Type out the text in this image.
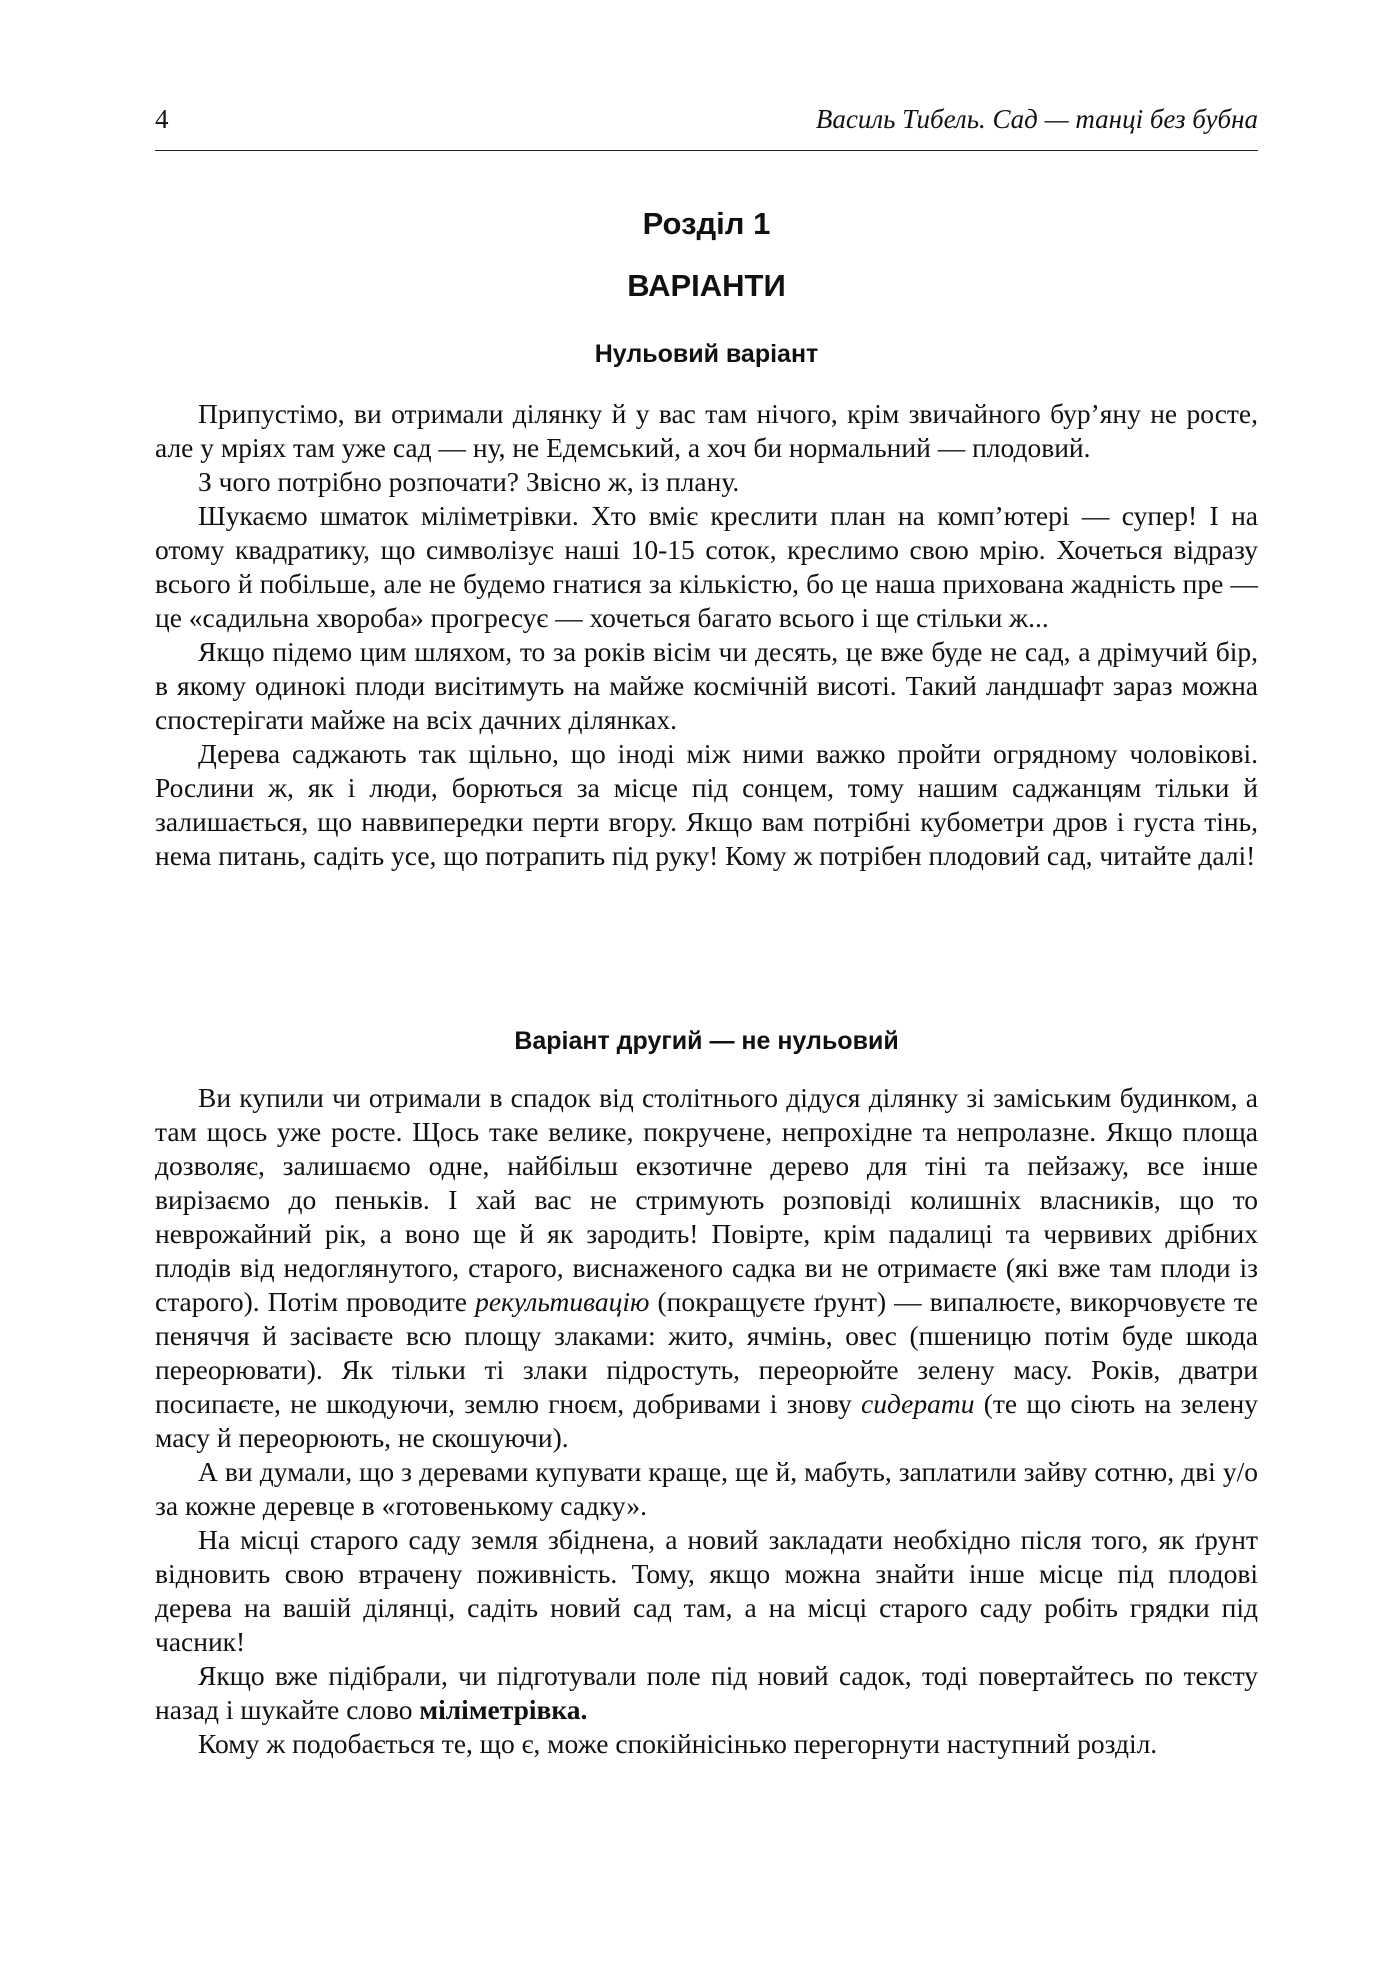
4	Василь Тибель. Сад — танці без бубна
Розділ 1
ВАРІАНТИ
Нульовий варіант

Припустімо, ви отримали ділянку й у вас там нічого, крім звичайного бур’яну не росте, але у мріях там уже сад — ну, не Едемський, а хоч би нормальний — плодовий.

З чого потрібно розпочати? Звісно ж, із плану.

Шукаємо шматок міліметрівки. Хто вміє креслити план на комп’ютері — супер! І на отому квадратику, що символізує наші 10-15 соток, креслимо свою мрію. Хочеться відразу всього й побільше, але не будемо гнатися за кількістю, бо це наша прихована жадність пре — це «садильна хвороба» прогресує — хочеться багато всього і ще стільки ж...

Якщо підемо цим шляхом, то за років вісім чи десять, це вже буде не сад, а дрімучий бір, в якому одинокі плоди висітимуть на майже космічній висоті. Такий ландшафт зараз можна спостерігати майже на всіх дачних ділянках.

Дерева саджають так щільно, що іноді між ними важко пройти огрядному чоловікові. Рослини ж, як і люди, борються за місце під сонцем, тому нашим саджанцям тільки й залишається, що наввипередки перти вгору. Якщо вам потрібні кубометри дров і густа тінь, нема питань, садіть усе, що потрапить під руку! Кому ж потрібен плодовий сад, читайте далі!

Варіант другий — не нульовий

Ви купили чи отримали в спадок від столітнього дідуся ділянку зі заміським будинком, а там щось уже росте. Щось таке велике, покручене, непрохідне та непролазне. Якщо площа дозволяє, залишаємо одне, найбільш екзотичне дерево для тіні та пейзажу, все інше вирізаємо до пеньків. І хай вас не стримують розповіді колишніх власників, що то неврожайний рік, а воно ще й як зародить! Повірте, крім падалиці та червивих дрібних плодів від недоглянутого, старого, виснаженого садка ви не отримаєте (які вже там плоди із старого). Потім проводите рекультивацію (покращуєте ґрунт) — випалюєте, викорчовуєте те пеняччя й засіваєте всю площу злаками: жито, ячмінь, овес (пшеницю потім буде шкода переорювати). Як тільки ті злаки підростуть, переорюйте зелену масу. Років, дватри посипаєте, не шкодуючи, землю гноєм, добривами і знову сидерати (те що сіють на зелену масу й переорюють, не скошуючи).

А ви думали, що з деревами купувати краще, ще й, мабуть, заплатили зайву сотню, дві у/о за кожне деревце в «готовенькому садку».

На місці старого саду земля збіднена, а новий закладати необхідно після того, як ґрунт відновить свою втрачену поживність. Тому, якщо можна знайти інше місце під плодові дерева на вашій ділянці, садіть новий сад там, а на місці старого саду робіть грядки під часник!

Якщо вже підібрали, чи підготували поле під новий садок, тоді повертайтесь по тексту назад і шукайте слово міліметрівка.

Кому ж подобається те, що є, може спокійнісінько перегорнути наступний розділ.
